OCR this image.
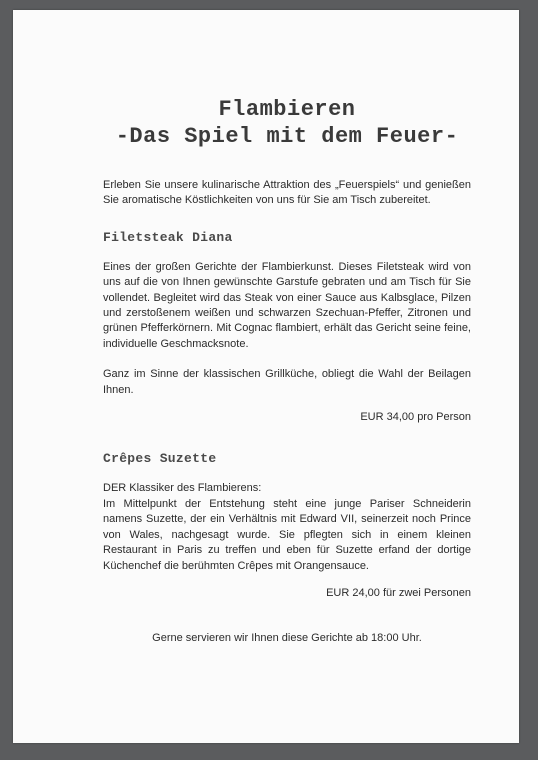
Flambieren
-Das Spiel mit dem Feuer-

Erleben Sie unsere kulinarische Attraktion des „Feuerspiels“ und genießen Sie aromatische Köstlichkeiten von uns für Sie am Tisch zubereitet.

Filetsteak Diana

Eines der großen Gerichte der Flambierkunst. Dieses Filetsteak wird von uns auf die von Ihnen gewünschte Garstufe gebraten und am Tisch für Sie vollendet. Begleitet wird das Steak von einer Sauce aus Kalbsglace, Pilzen und zerstoßenem weißen und schwarzen Szechuan-Pfeffer, Zitronen und grünen Pfefferkörnern. Mit Cognac flambiert, erhält das Gericht seine feine, individuelle Geschmacksnote.

Ganz im Sinne der klassischen Grillküche, obliegt die Wahl der Beilagen Ihnen.

EUR 34,00 pro Person

Crêpes Suzette

DER Klassiker des Flambierens:

Im Mittelpunkt der Entstehung steht eine junge Pariser Schneiderin namens Suzette, der ein Verhältnis mit Edward VII, seinerzeit noch Prince von Wales, nachgesagt wurde. Sie pflegten sich in einem kleinen Restaurant in Paris zu treffen und eben für Suzette erfand der dortige Küchenchef die berühmten Crêpes mit Orangensauce.

EUR 24,00 für zwei Personen

Gerne servieren wir Ihnen diese Gerichte ab 18:00 Uhr.
